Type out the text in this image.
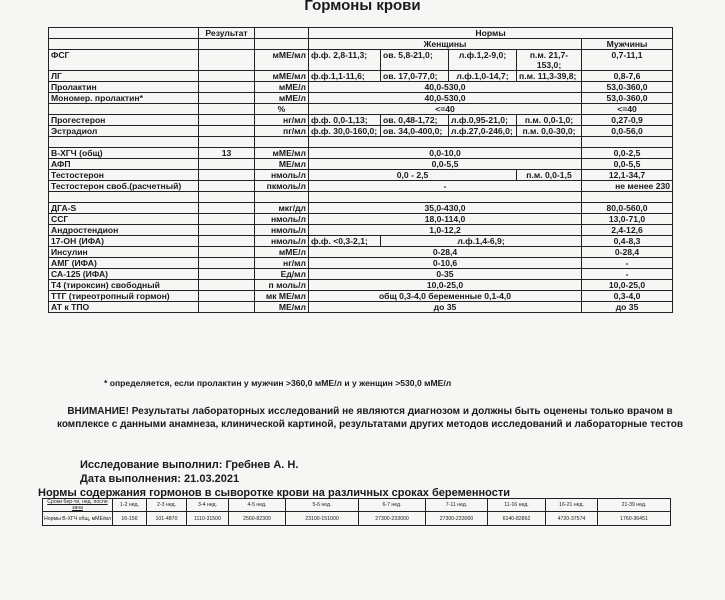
Гормоны крови
	Результат		Нормы				
			Женщины				Мужчины
ФСГ		мМЕ/мл	ф.ф. 2,8-11,3;	ов. 5,8-21,0;	л.ф.1,2-9,0;	п.м. 21,7-153,0;	0,7-11,1
ЛГ		мМЕ/мл	ф.ф.1,1-11,6;	ов. 17,0-77,0;	л.ф.1,0-14,7;	п.м. 11,3-39,8;	0,8-7,6
Пролактин		мМЕ/л	40,0-530,0				53,0-360,0
Мономер. пролактин*		мМЕ/л	40,0-530,0				53,0-360,0
		%	<=40				<=40
Прогестерон		нг/мл	ф.ф. 0,0-1,13;	ов. 0,48-1,72;	л.ф.0,95-21,0;	п.м. 0,0-1,0;	0,27-0,9
Эстрадиол		пг/мл	ф.ф. 30,0-160,0;	ов. 34,0-400,0;	л.ф.27,0-246,0;	п.м. 0,0-30,0;	0,0-56,0

В-ХГЧ (общ)	13	мМЕ/мл	0,0-10,0				0,0-2,5
АФП		МЕ/мл	0,0-5,5				0,0-5,5
Тестостерон		нмоль/л	0,0 - 2,5			п.м. 0,0-1,5	12,1-34,7
Тестостерон своб.(расчетный)		пкмоль/л	-				не менее 230

ДГА-S		мкг/дл	35,0-430,0				80,0-560,0
ССГ		нмоль/л	18,0-114,0				13,0-71,0
Андростендион		нмоль/л	1,0-12,2				2,4-12,6
17-ОН (ИФА)		нмоль/л	ф.ф. <0,3-2,1;	л.ф.1,4-6,9;			0,4-8,3
Инсулин		мМЕ/л	0-28,4				0-28,4
АМГ (ИФА)		нг/мл	0-10,6				-
СА-125 (ИФА)		Ед/мл	0-35				-
Т4 (тироксин) свободный		п моль/л	10,0-25,0				10,0-25,0
ТТГ (тиреотропный гормон)		мк МЕ/мл	общ 0,3-4,0 беременные 0,1-4,0				0,3-4,0
АТ к ТПО		МЕ/мл	до 35				до 35
* определяется, если пролактин у мужчин >360,0 мМЕ/л и у женщин >530,0 мМЕ/л
ВНИМАНИЕ! Результаты лабораторных исследований не являются диагнозом и должны быть оценены только врачом в комплексе с данными анамнеза, клинической картиной, результатами других методов исследований и лабораторные тестов
Исследование выполнил: Гребнев А. Н.
Дата выполнения: 21.03.2021
Нормы содержания гормонов в сыворотке крови на различных сроках беременности
Сроки бер-ти, нед. после зача	1-2 нед.	2-3 нед.	3-4 нед.	4-5 нед.	5-6 нед.	6-7 нед.	7-11 нед.	11-16 нед.	16-21 нед.	21-39 нед.
Нормы В-ХГЧ общ, мМЕ/мл	16-156	101-4870	1110-31500	2560-82300	23100-151000	27300-233000	27300-233000	6140-82862	4720-37574	1760-36451
